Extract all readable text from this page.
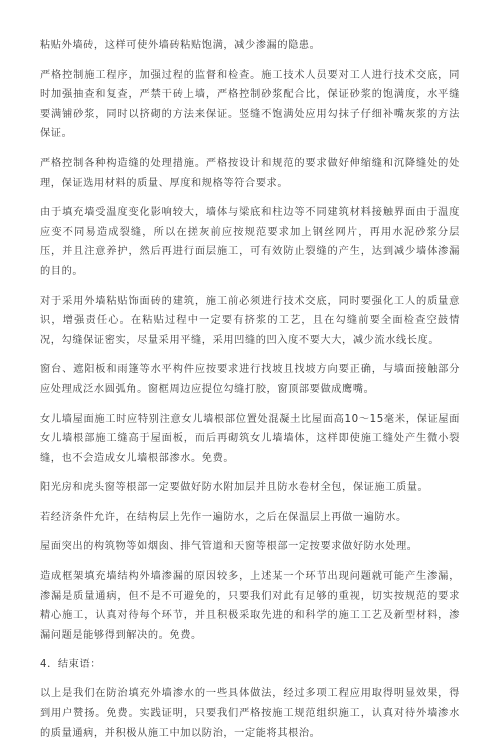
粘贴外墙砖，这样可使外墙砖粘贴饱满，减少渗漏的隐患。

严格控制施工程序，加强过程的监督和检查。施工技术人员要对工人进行技术交底，同时加强抽查和复查，严禁干砖上墙，严格控制砂浆配合比，保证砂浆的饱满度，水平缝要满铺砂浆，同时以挤砌的方法来保证。竖缝不饱满处应用勾抹子仔细补嘴灰浆的方法保证。

严格控制各种构造缝的处理措施。严格按设计和规范的要求做好伸缩缝和沉降缝处的处理，保证选用材料的质量、厚度和规格等符合要求。

由于填充墙受温度变化影响较大，墙体与梁底和柱边等不同建筑材料接触界面由于温度应变不同易造成裂缝，所以在搓灰前应按规范要求加上钢丝网片，再用水泥砂浆分层压，并且注意养护，然后再进行面层施工，可有效防止裂缝的产生，达到减少墙体渗漏的目的。

对于采用外墙粘贴饰面砖的建筑，施工前必须进行技术交底，同时要强化工人的质量意识，增强责任心。在粘贴过程中一定要有挤浆的工艺，且在勾缝前要全面检查空鼓情况，勾缝保证密实，尽量采用平缝，采用凹缝的凹入度不要大大，减少流水线长度。

窗台、遮阳板和雨篷等水平构件应按要求进行找坡且找坡方向要正确，与墙面接触部分应处理成泛水圆弧角。窗框周边应提位勾缝打胶，窗顶部要做成鹰嘴。

女儿墙屋面施工时应特别注意女儿墙根部位置处混凝土比屋面高10～15毫米，保证屋面女儿墙根部施工缝高于屋面板，而后再砌筑女儿墙墙体，这样即使施工缝处产生微小裂缝，也不会造成女儿墙根部渗水。免费。

阳光房和虎头窗等根部一定要做好防水附加层并且防水卷材全包，保证施工质量。

若经济条件允许，在结构层上先作一遍防水，之后在保温层上再做一遍防水。

屋面突出的构筑物等如烟囱、排气管道和天窗等根部一定按要求做好防水处理。

造成框架填充墙结构外墙渗漏的原因较多，上述某一个环节出现问题就可能产生渗漏，渗漏是质量通病，但不是不可避免的，只要我们对此有足够的重视，切实按规范的要求精心施工，认真对待每个环节，并且积极采取先进的和科学的施工工艺及新型材料，渗漏问题是能够得到解决的。免费。

4．结束语：

以上是我们在防治填充外墙渗水的一些具体做法，经过多项工程应用取得明显效果，得到用户赞扬。免费。实践证明，只要我们严格按施工规范组织施工，认真对待外墙渗水的质量通病，并积极从施工中加以防治，一定能将其根治。
